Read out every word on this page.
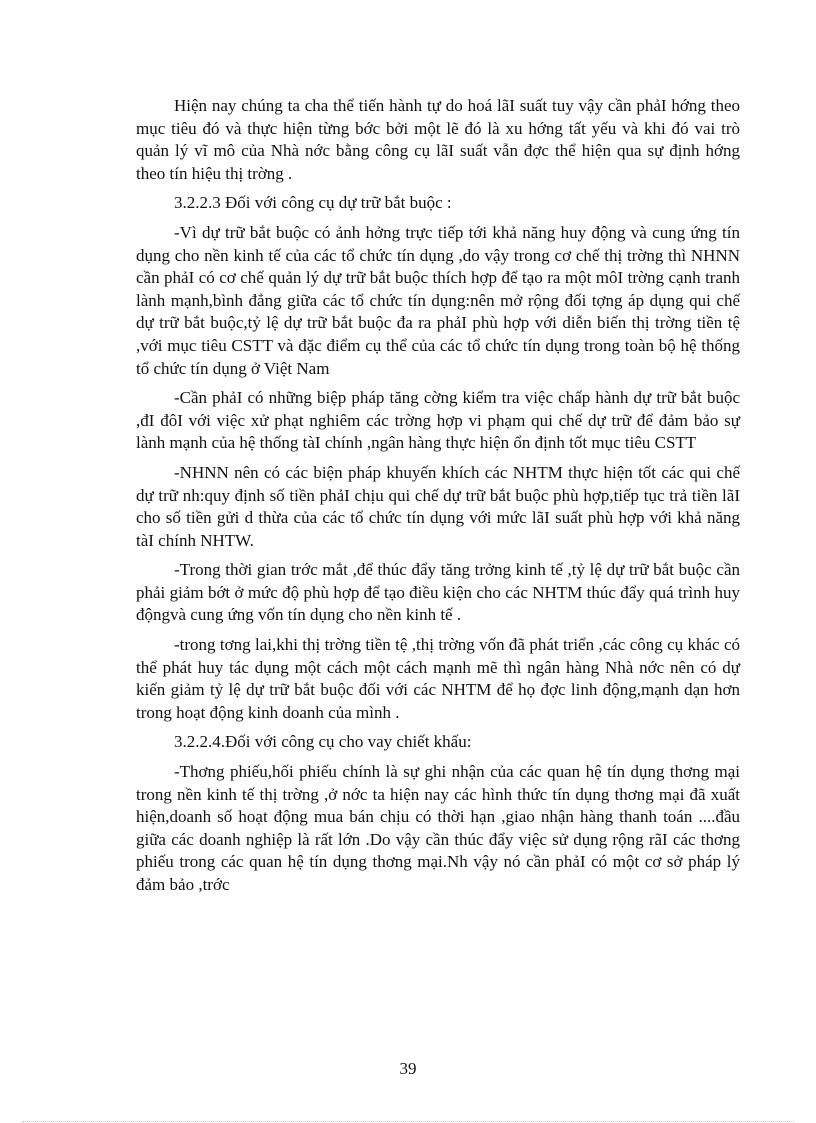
Hiện nay chúng ta cha thể tiến hành tự do hoá lãI suất tuy vậy cần phảI hớng theo mục tiêu đó và thực hiện từng bớc bởi một lẽ đó là xu hớng tất yếu và khi đó vai trò quản lý vĩ mô của Nhà nớc bằng công cụ lãI suất vẫn đợc thể hiện qua sự định hớng theo tín hiệu thị trờng .

3.2.2.3 Đối với công cụ dự trữ bắt buộc :

-Vì dự trữ bắt buộc có ảnh hởng trực tiếp tới khả năng huy động và cung ứng tín dụng cho nền kinh tế của các tổ chức tín dụng ,do vậy trong cơ chế thị trờng thì NHNN cần phảI có cơ chế quản lý dự trữ bắt buộc thích hợp để tạo ra một môI trờng cạnh tranh lành mạnh,bình đẳng giữa các tổ chức tín dụng:nên mở rộng đối tợng áp dụng qui chế dự trữ bắt buộc,tỷ lệ dự trữ bắt buộc đa ra phảI phù hợp với diễn biến thị trờng tiền tệ ,với mục tiêu CSTT và đặc điểm cụ thể của các tổ chức tín dụng trong toàn bộ hệ thống tổ chức tín dụng ở Việt Nam

-Cần phảI có những biệp pháp tăng cờng kiểm tra việc chấp hành dự trữ bắt buộc ,đI đôI với việc xử phạt nghiêm các trờng hợp vi phạm qui chế dự trữ để đảm bảo sự lành mạnh của hệ thống tàI chính ,ngân hàng thực hiện ổn định tốt mục tiêu CSTT

-NHNN nên có các biện pháp khuyến khích các NHTM thực hiện tốt các qui chế dự trữ nh:quy định số tiền phảI chịu qui chế dự trữ bắt buộc phù hợp,tiếp tục trả tiền lãI cho số tiền gửi d thừa của các tổ chức tín dụng với mức lãI suất phù hợp với khả năng tàI chính NHTW.

-Trong thời gian trớc mắt ,để thúc đẩy tăng trởng kinh tế ,tỷ lệ dự trữ bắt buộc cần phải giảm bớt ở mức độ phù hợp để tạo điều kiện cho các NHTM thúc đẩy quá trình huy độngvà cung ứng vốn tín dụng cho nền kinh tế .

-trong tơng lai,khi thị trờng tiền tệ ,thị trờng vốn đã phát triển ,các công cụ khác có thể phát huy tác dụng một cách một cách mạnh mẽ thì ngân hàng Nhà nớc nên có dự kiến giảm tỷ lệ dự trữ bắt buộc đối với các NHTM để họ đợc linh động,mạnh dạn hơn trong hoạt động kinh doanh của mình .

3.2.2.4.Đối với công cụ cho vay chiết khấu:

-Thơng phiếu,hối phiếu chính là sự ghi nhận của các quan hệ tín dụng thơng mại trong nền kinh tế thị trờng ,ở nớc ta hiện nay các hình thức tín dụng thơng mại đã xuất hiện,doanh số hoạt động mua bán chịu có thời hạn ,giao nhận hàng thanh toán ....đầu giữa các doanh nghiệp là rất lớn .Do vậy cần thúc đẩy việc sử dụng rộng rãI các thơng phiếu trong các quan hệ tín dụng thơng mại.Nh vậy nó cần phảI có một cơ sở pháp lý đảm bảo ,trớc

39
